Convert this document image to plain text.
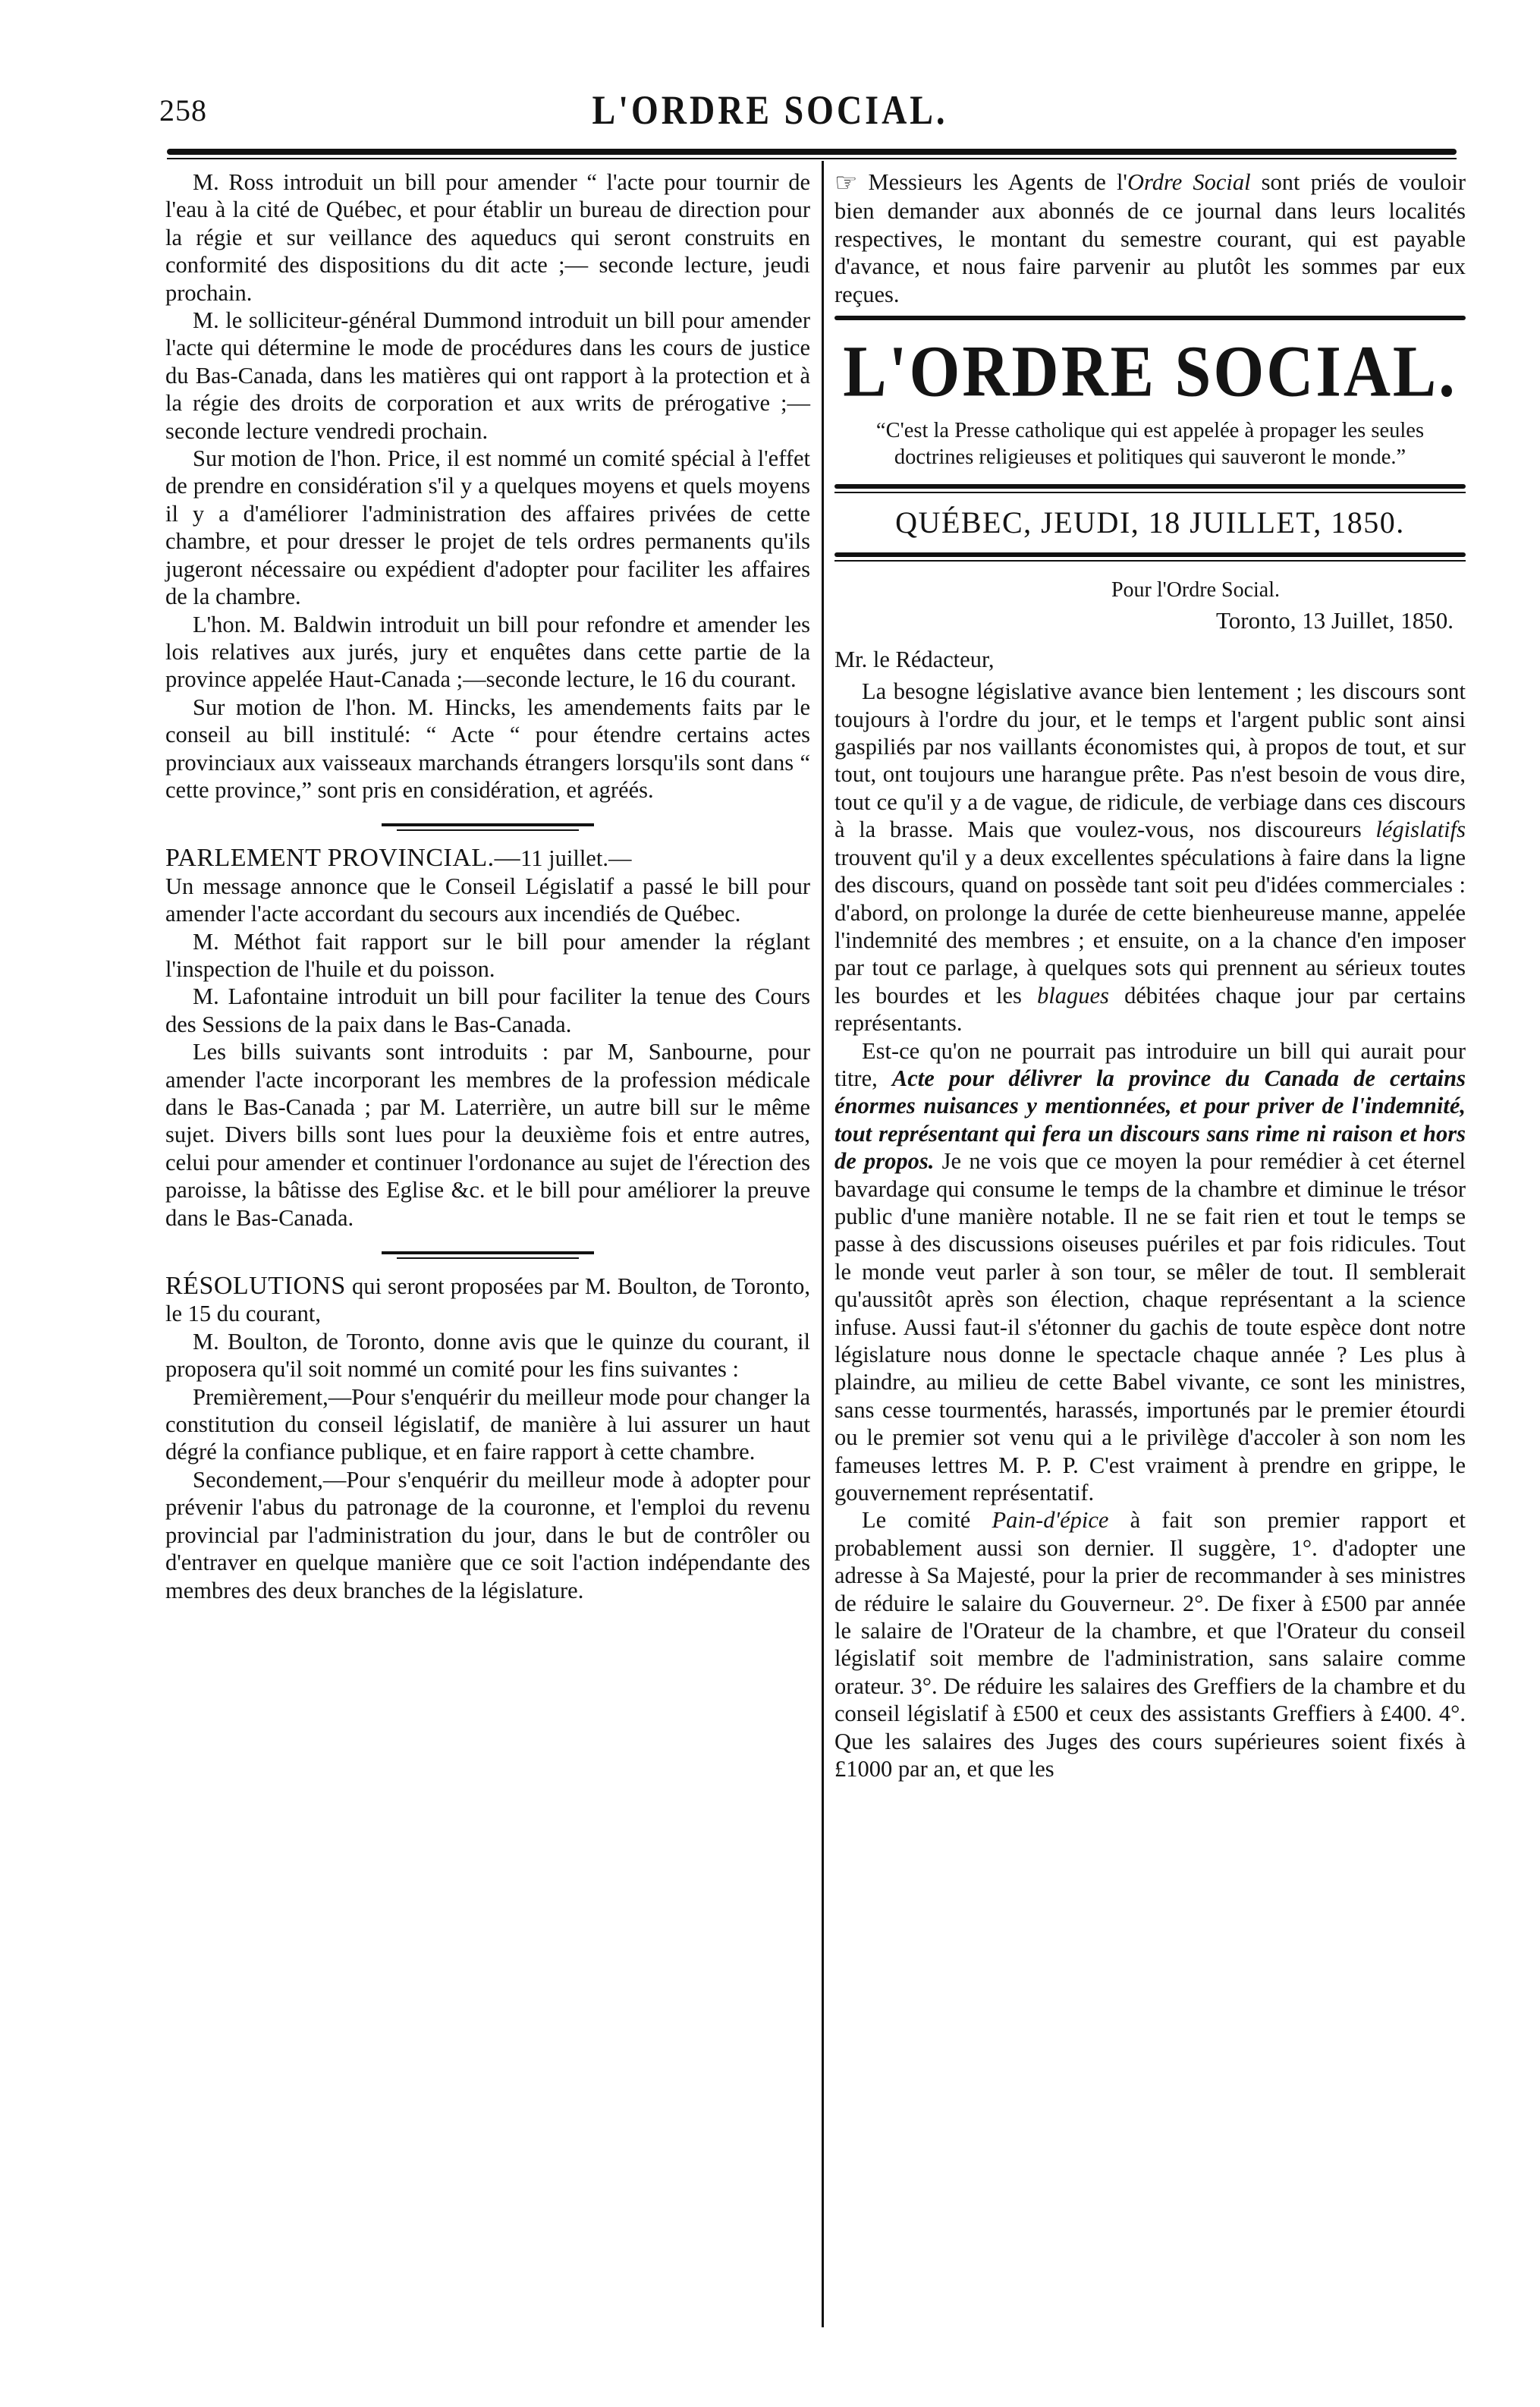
258	L'ORDRE SOCIAL.

M. Ross introduit un bill pour amender “ l'acte pour tournir de l'eau à la cité de Québec, et pour établir un bureau de direction pour la régie et sur veillance des aqueducs qui seront construits en conformité des dispositions du dit acte ;— seconde lecture, jeudi prochain.

M. le solliciteur-général Dummond introduit un bill pour amender l'acte qui détermine le mode de procédures dans les cours de justice du Bas-Canada, dans les matières qui ont rapport à la protection et à la régie des droits de corporation et aux writs de prérogative ;—seconde lecture vendredi prochain.

Sur motion de l'hon. Price, il est nommé un comité spécial à l'effet de prendre en considération s'il y a quelques moyens et quels moyens il y a d'améliorer l'administration des affaires privées de cette chambre, et pour dresser le projet de tels ordres permanents qu'ils jugeront nécessaire ou expédient d'adopter pour faciliter les affaires de la chambre.

L'hon. M. Baldwin introduit un bill pour refondre et amender les lois relatives aux jurés, jury et enquêtes dans cette partie de la province appelée Haut-Canada ;—seconde lecture, le 16 du courant.

Sur motion de l'hon. M. Hincks, les amendements faits par le conseil au bill institulé: “ Acte “ pour étendre certains actes provinciaux aux vaisseaux marchands étrangers lorsqu'ils sont dans “ cette province,” sont pris en considération, et agréés.

PARLEMENT PROVINCIAL.—11 juillet.—

Un message annonce que le Conseil Législatif a passé le bill pour amender l'acte accordant du secours aux incendiés de Québec.

M. Méthot fait rapport sur le bill pour amender la réglant l'inspection de l'huile et du poisson.

M. Lafontaine introduit un bill pour faciliter la tenue des Cours des Sessions de la paix dans le Bas-Canada.

Les bills suivants sont introduits : par M, Sanbourne, pour amender l'acte incorporant les membres de la profession médicale dans le Bas-Canada ; par M. Laterrière, un autre bill sur le même sujet. Divers bills sont lues pour la deuxième fois et entre autres, celui pour amender et continuer l'ordonance au sujet de l'érection des paroisse, la bâtisse des Eglise &c. et le bill pour améliorer la preuve dans le Bas-Canada.

RÉSOLUTIONS qui seront proposées par M. Boulton, de Toronto, le 15 du courant,

M. Boulton, de Toronto, donne avis que le quinze du courant, il proposera qu'il soit nommé un comité pour les fins suivantes :

Premièrement,—Pour s'enquérir du meilleur mode pour changer la constitution du conseil législatif, de manière à lui assurer un haut dégré la confiance publique, et en faire rapport à cette chambre.

Secondement,—Pour s'enquérir du meilleur mode à adopter pour prévenir l'abus du patronage de la couronne, et l'emploi du revenu provincial par l'administration du jour, dans le but de contrôler ou d'entraver en quelque manière que ce soit l'action indépendante des membres des deux branches de la législature.

☞ Messieurs les Agents de l'Ordre Social sont priés de vouloir bien demander aux abonnés de ce journal dans leurs localités respectives, le montant du semestre courant, qui est payable d'avance, et nous faire parvenir au plutôt les sommes par eux reçues.

L'ORDRE SOCIAL.

“C'est la Presse catholique qui est appelée à propager les seules doctrines religieuses et politiques qui sauveront le monde.”

QUÉBEC, JEUDI, 18 JUILLET, 1850.

Pour l'Ordre Social.

Toronto, 13 Juillet, 1850.

Mr. le Rédacteur,

La besogne législative avance bien lentement ; les discours sont toujours à l'ordre du jour, et le temps et l'argent public sont ainsi gaspiliés par nos vaillants économistes qui, à propos de tout, et sur tout, ont toujours une harangue prête. Pas n'est besoin de vous dire, tout ce qu'il y a de vague, de ridicule, de verbiage dans ces discours à la brasse. Mais que voulez-vous, nos discoureurs législatifs trouvent qu'il y a deux excellentes spéculations à faire dans la ligne des discours, quand on possède tant soit peu d'idées commerciales : d'abord, on prolonge la durée de cette bienheureuse manne, appelée l'indemnité des membres ; et ensuite, on a la chance d'en imposer par tout ce parlage, à quelques sots qui prennent au sérieux toutes les bourdes et les blagues débitées chaque jour par certains représentants.

Est-ce qu'on ne pourrait pas introduire un bill qui aurait pour titre, Acte pour délivrer la province du Canada de certains énormes nuisances y mentionnées, et pour priver de l'indemnité, tout représentant qui fera un discours sans rime ni raison et hors de propos. Je ne vois que ce moyen la pour remédier à cet éternel bavardage qui consume le temps de la chambre et diminue le trésor public d'une manière notable. Il ne se fait rien et tout le temps se passe à des discussions oiseuses puériles et par fois ridicules. Tout le monde veut parler à son tour, se mêler de tout. Il semblerait qu'aussitôt après son élection, chaque représentant a la science infuse. Aussi faut-il s'étonner du gachis de toute espèce dont notre législature nous donne le spectacle chaque année ? Les plus à plaindre, au milieu de cette Babel vivante, ce sont les ministres, sans cesse tourmentés, harassés, importunés par le premier étourdi ou le premier sot venu qui a le privilège d'accoler à son nom les fameuses lettres M. P. P. C'est vraiment à prendre en grippe, le gouvernement représentatif.

Le comité Pain-d'épice à fait son premier rapport et probablement aussi son dernier. Il suggère, 1°. d'adopter une adresse à Sa Majesté, pour la prier de recommander à ses ministres de réduire le salaire du Gouverneur. 2°. De fixer à £500 par année le salaire de l'Orateur de la chambre, et que l'Orateur du conseil législatif soit membre de l'administration, sans salaire comme orateur. 3°. De réduire les salaires des Greffiers de la chambre et du conseil législatif à £500 et ceux des assistants Greffiers à £400. 4°. Que les salaires des Juges des cours supérieures soient fixés à £1000 par an, et que les
